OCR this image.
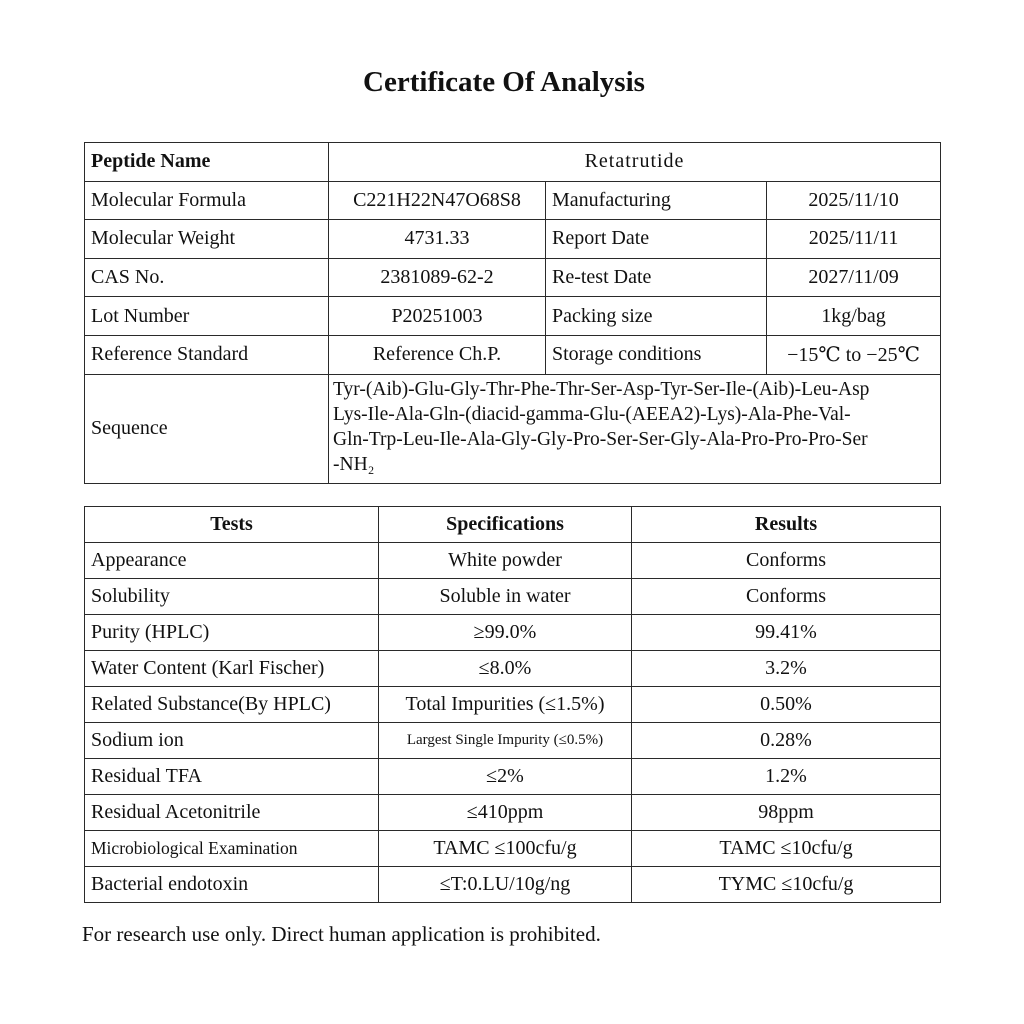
Certificate Of Analysis
Peptide Name	Retatrutide		
Molecular Formula	C221H22N47O68S8	Manufacturing	2025/11/10
Molecular Weight	4731.33	Report Date	2025/11/11
CAS No.	2381089-62-2	Re-test Date	2027/11/09
Lot Number	P20251003	Packing size	1kg/bag
Reference Standard	Reference Ch.P.	Storage conditions	−15℃ to −25℃
Sequence	Tyr-(Aib)-Glu-Gly-Thr-Phe-Thr-Ser-Asp-Tyr-Ser-Ile-(Aib)-Leu-Asp
Lys-Ile-Ala-Gln-(diacid-gamma-Glu-(AEEA2)-Lys)-Ala-Phe-Val-
Gln-Trp-Leu-Ile-Ala-Gly-Gly-Pro-Ser-Ser-Gly-Ala-Pro-Pro-Pro-Ser
-NH₂		
Tests	Specifications	Results
Appearance	White powder	Conforms
Solubility	Soluble in water	Conforms
Purity (HPLC)	≥99.0%	99.41%
Water Content (Karl Fischer)	≤8.0%	3.2%
Related Substance(By HPLC)	Total Impurities (≤1.5%)	0.50%
Sodium ion	Largest Single Impurity (≤0.5%)	0.28%
Residual TFA	≤2%	1.2%
Residual Acetonitrile	≤410ppm	98ppm
Microbiological Examination	TAMC ≤100cfu/g	TAMC ≤10cfu/g
Bacterial endotoxin	≤T:0.LU/10g/ng	TYMC ≤10cfu/g
For research use only. Direct human application is prohibited.
